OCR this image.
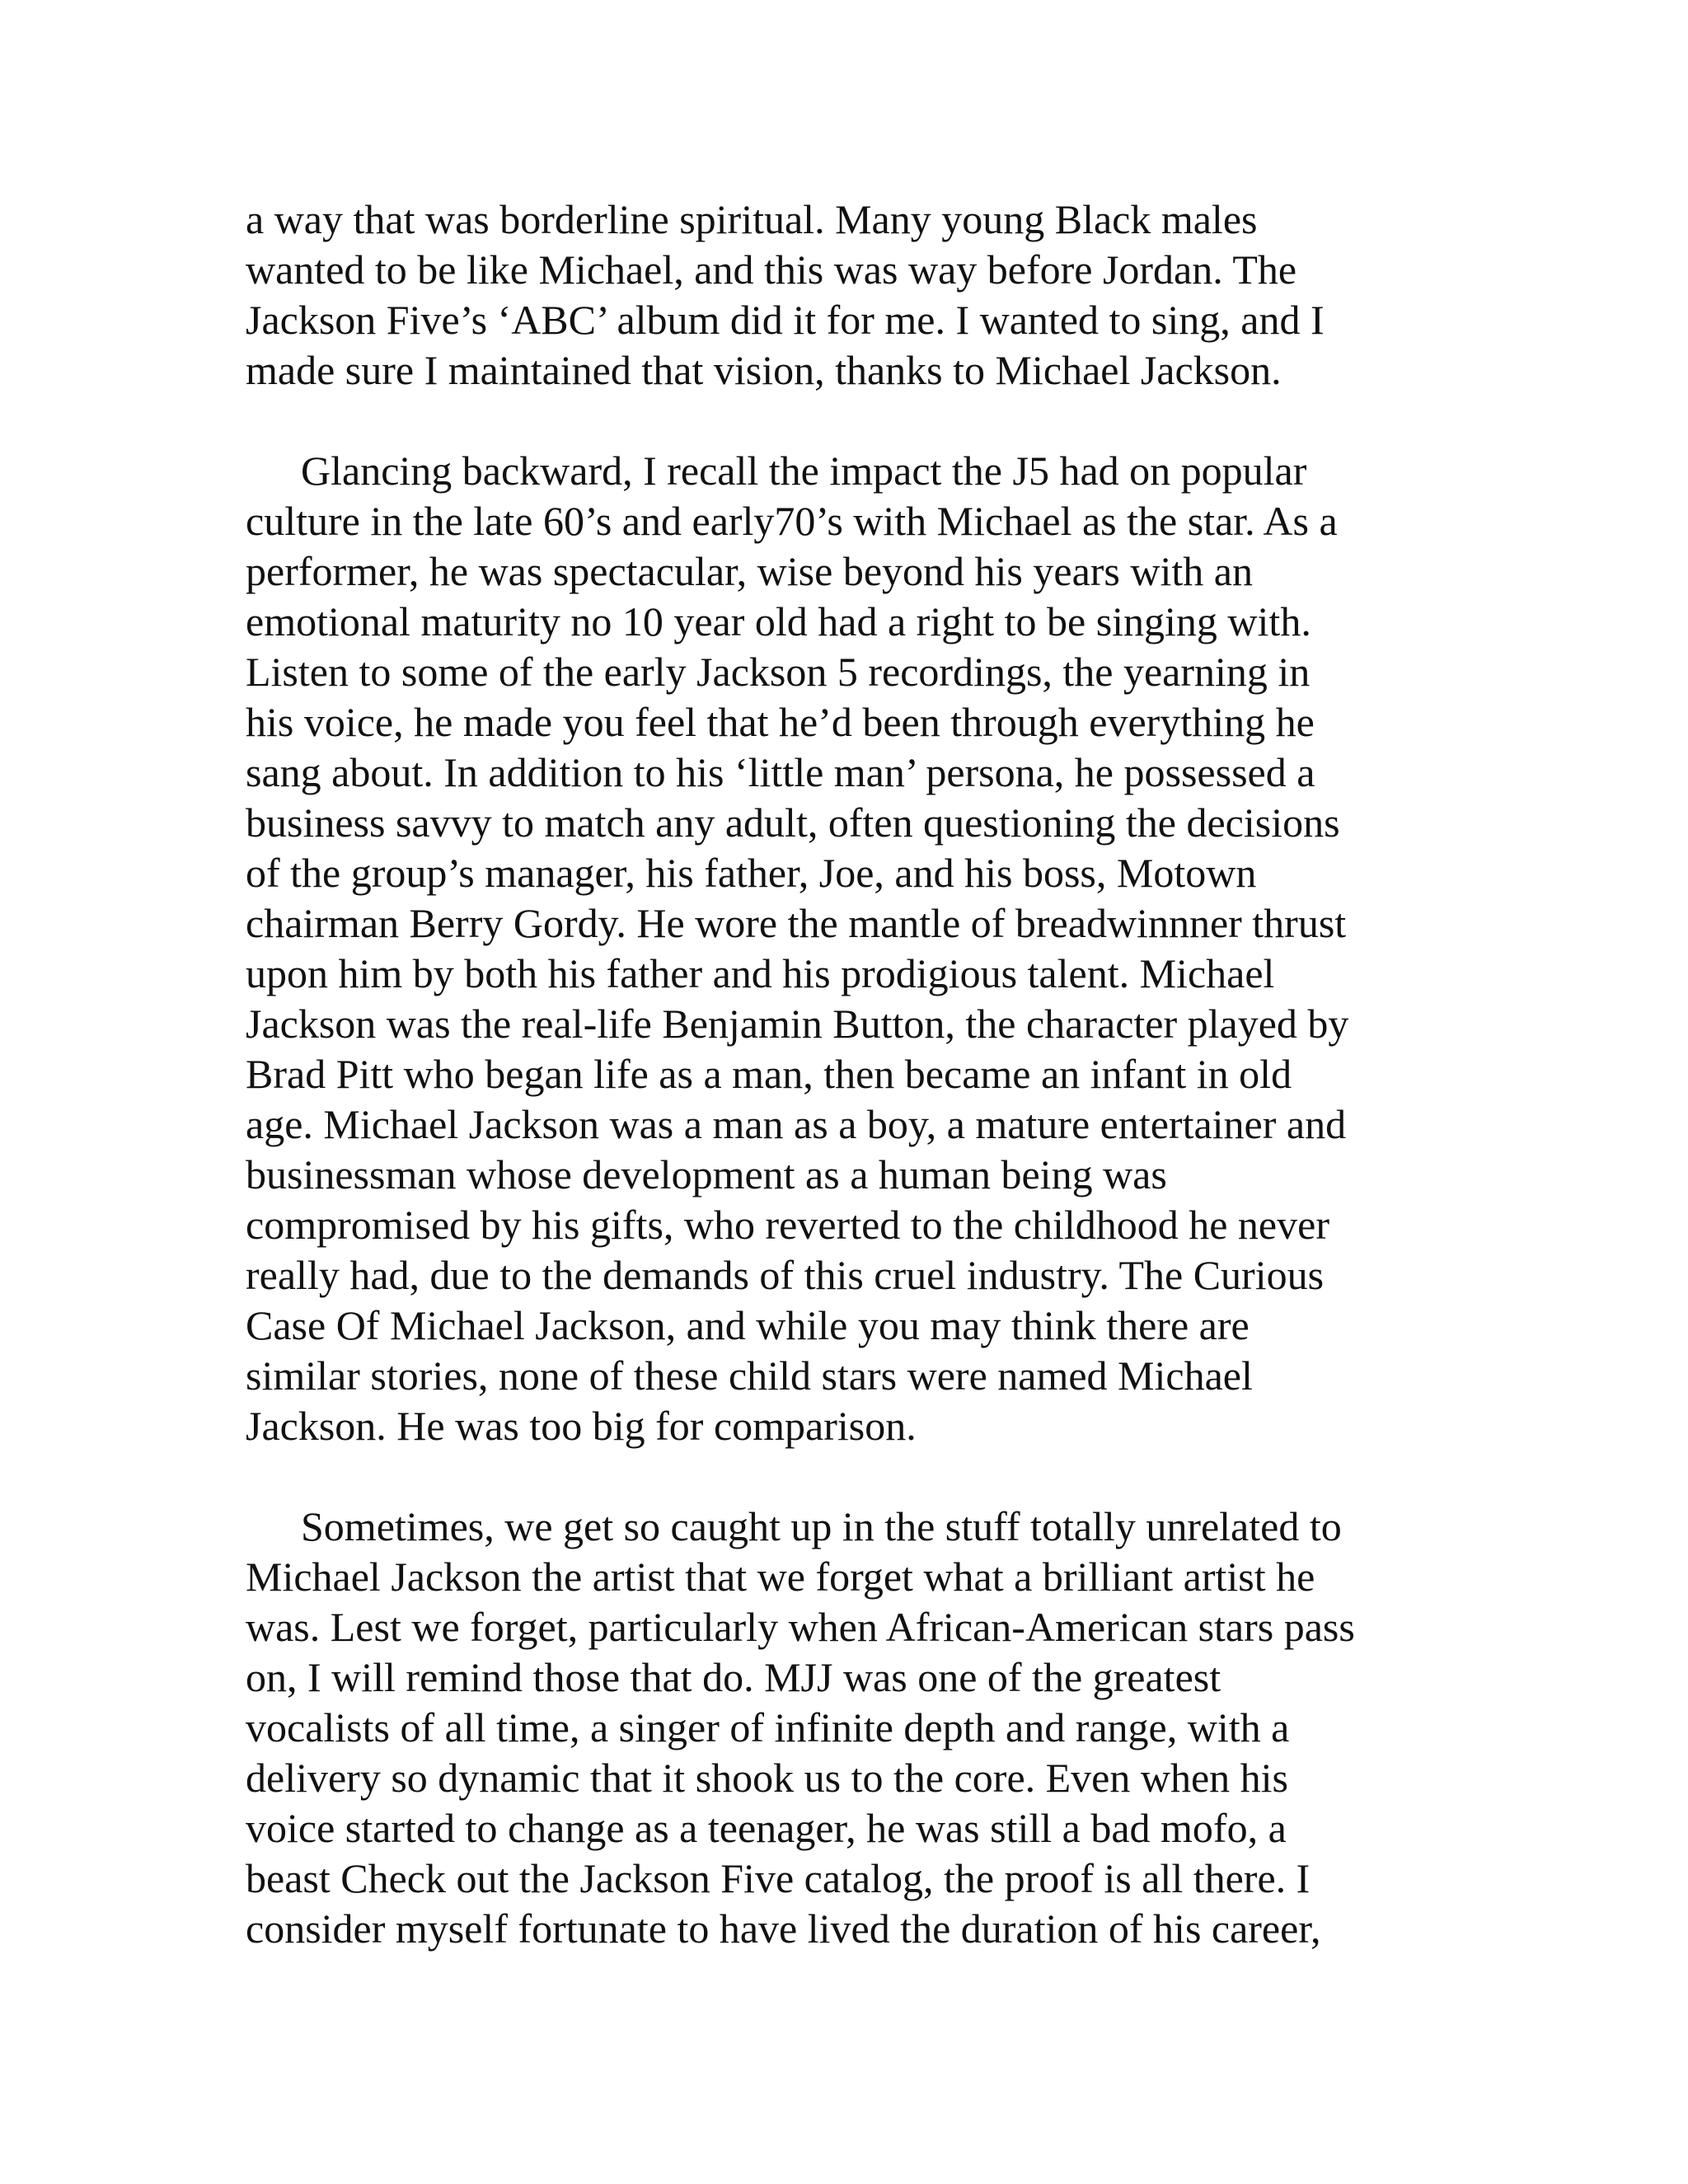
a way that was borderline spiritual. Many young Black males
wanted to be like Michael, and this was way before Jordan. The
Jackson Five’s ‘ABC’ album did it for me. I wanted to sing, and I
made sure I maintained that vision, thanks to Michael Jackson.
Glancing backward, I recall the impact the J5 had on popular
culture in the late 60’s and early70’s with Michael as the star. As a
performer, he was spectacular, wise beyond his years with an
emotional maturity no 10 year old had a right to be singing with.
Listen to some of the early Jackson 5 recordings, the yearning in
his voice, he made you feel that he’d been through everything he
sang about. In addition to his ‘little man’ persona, he possessed a
business savvy to match any adult, often questioning the decisions
of the group’s manager, his father, Joe, and his boss, Motown
chairman Berry Gordy. He wore the mantle of breadwinnner thrust
upon him by both his father and his prodigious talent. Michael
Jackson was the real-life Benjamin Button, the character played by
Brad Pitt who began life as a man, then became an infant in old
age. Michael Jackson was a man as a boy, a mature entertainer and
businessman whose development as a human being was
compromised by his gifts, who reverted to the childhood he never
really had, due to the demands of this cruel industry. The Curious
Case Of Michael Jackson, and while you may think there are
similar stories, none of these child stars were named Michael
Jackson. He was too big for comparison.
Sometimes, we get so caught up in the stuff totally unrelated to
Michael Jackson the artist that we forget what a brilliant artist he
was. Lest we forget, particularly when African-American stars pass
on, I will remind those that do. MJJ was one of the greatest
vocalists of all time, a singer of infinite depth and range, with a
delivery so dynamic that it shook us to the core. Even when his
voice started to change as a teenager, he was still a bad mofo, a
beast Check out the Jackson Five catalog, the proof is all there. I
consider myself fortunate to have lived the duration of his career,
